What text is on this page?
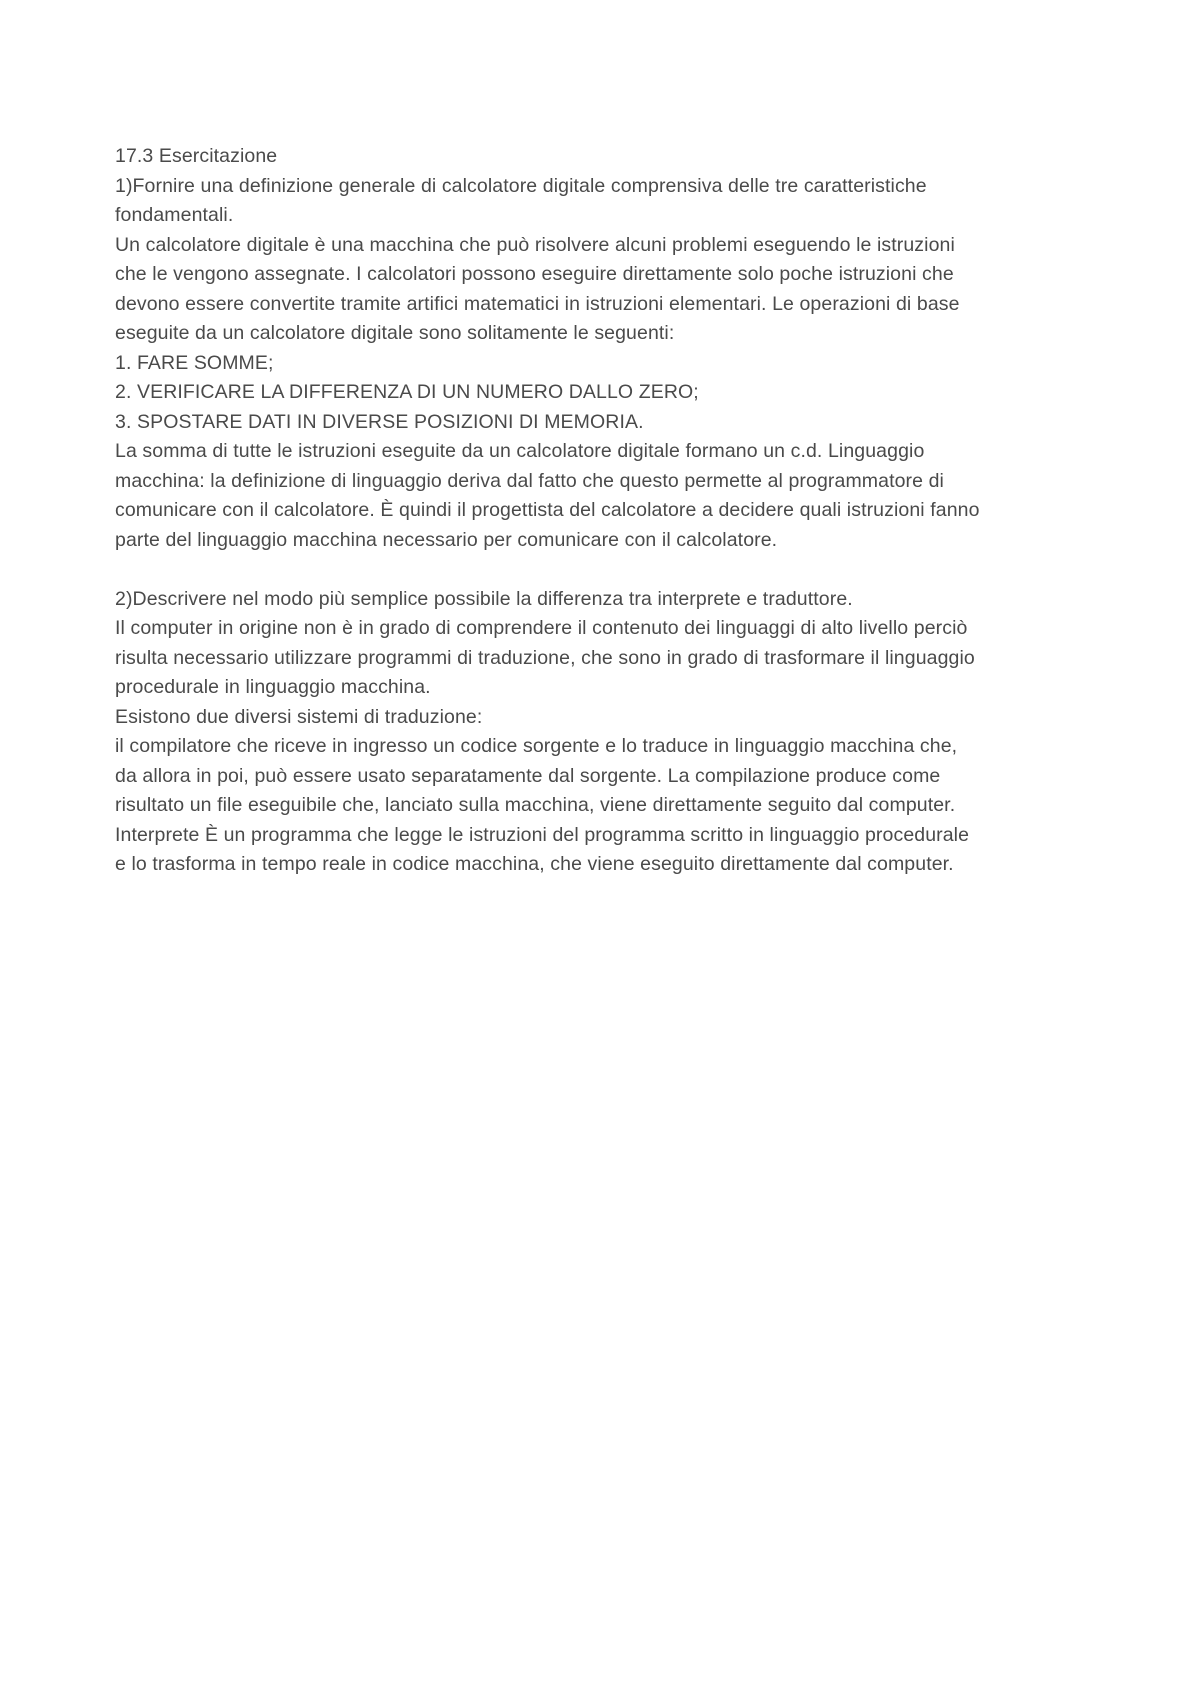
17.3 Esercitazione
1)Fornire una definizione generale di calcolatore digitale comprensiva delle tre caratteristiche
fondamentali.
Un calcolatore digitale è una macchina che può risolvere alcuni problemi eseguendo le istruzioni
che le vengono assegnate. I calcolatori possono eseguire direttamente solo poche istruzioni che
devono essere convertite tramite artifici matematici in istruzioni elementari. Le operazioni di base
eseguite da un calcolatore digitale sono solitamente le seguenti:
1. FARE SOMME;
2. VERIFICARE LA DIFFERENZA DI UN NUMERO DALLO ZERO;
3. SPOSTARE DATI IN DIVERSE POSIZIONI DI MEMORIA.
La somma di tutte le istruzioni eseguite da un calcolatore digitale formano un c.d. Linguaggio
macchina: la definizione di linguaggio deriva dal fatto che questo permette al programmatore di
comunicare con il calcolatore. È quindi il progettista del calcolatore a decidere quali istruzioni fanno
parte del linguaggio macchina necessario per comunicare con il calcolatore.
2)Descrivere nel modo più semplice possibile la differenza tra interprete e traduttore.
Il computer in origine non è in grado di comprendere il contenuto dei linguaggi di alto livello perciò
risulta necessario utilizzare programmi di traduzione, che sono in grado di trasformare il linguaggio
procedurale in linguaggio macchina.
Esistono due diversi sistemi di traduzione:
il compilatore che riceve in ingresso un codice sorgente e lo traduce in linguaggio macchina che,
da allora in poi, può essere usato separatamente dal sorgente. La compilazione produce come
risultato un file eseguibile che, lanciato sulla macchina, viene direttamente seguito dal computer.
Interprete È un programma che legge le istruzioni del programma scritto in linguaggio procedurale
e lo trasforma in tempo reale in codice macchina, che viene eseguito direttamente dal computer.
